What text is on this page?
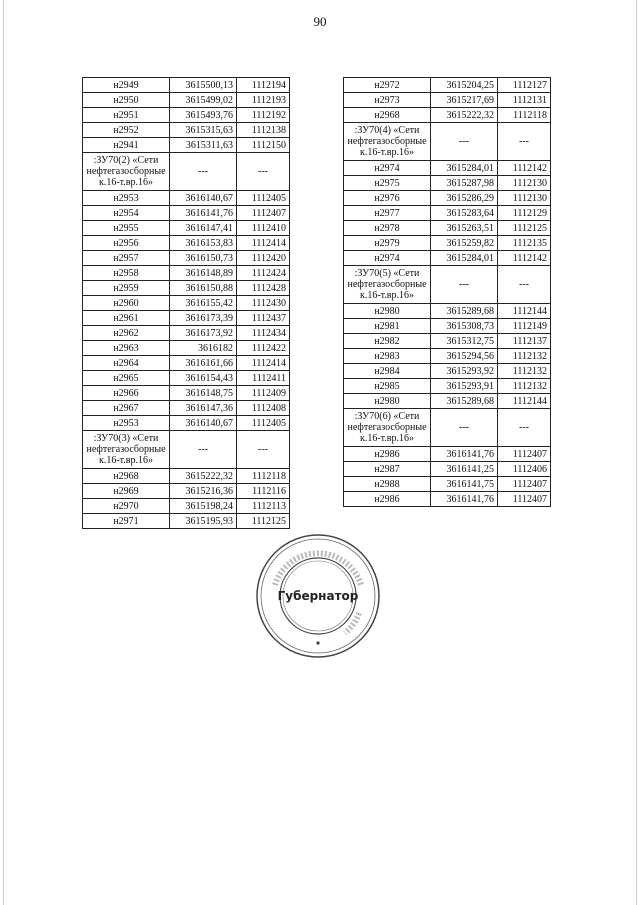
90
н2949	3615500,13	1112194
н2950	3615499,02	1112193
н2951	3615493,76	1112192
н2952	3615315,63	1112138
н2941	3615311,63	1112150
:ЗУ70(2) «Сети нефтегазосборные к.16-т.вр.16»	---	---
н2953	3616140,67	1112405
н2954	3616141,76	1112407
н2955	3616147,41	1112410
н2956	3616153,83	1112414
н2957	3616150,73	1112420
н2958	3616148,89	1112424
н2959	3616150,88	1112428
н2960	3616155,42	1112430
н2961	3616173,39	1112437
н2962	3616173,92	1112434
н2963	3616182	1112422
н2964	3616161,66	1112414
н2965	3616154,43	1112411
н2966	3616148,75	1112409
н2967	3616147,36	1112408
н2953	3616140,67	1112405
:ЗУ70(3) «Сети нефтегазосборные к.16-т.вр.16»	---	---
н2968	3615222,32	1112118
н2969	3615216,36	1112116
н2970	3615198,24	1112113
н2971	3615195,93	1112125
н2972	3615204,25	1112127
н2973	3615217,69	1112131
н2968	3615222,32	1112118
:ЗУ70(4) «Сети нефтегазосборные к.16-т.вр.16»	---	---
н2974	3615284,01	1112142
н2975	3615287,98	1112130
н2976	3615286,29	1112130
н2977	3615283,64	1112129
н2978	3615263,51	1112125
н2979	3615259,82	1112135
н2974	3615284,01	1112142
:ЗУ70(5) «Сети нефтегазосборные к.16-т.вр.16»	---	---
н2980	3615289,68	1112144
н2981	3615308,73	1112149
н2982	3615312,75	1112137
н2983	3615294,56	1112132
н2984	3615293,92	1112132
н2985	3615293,91	1112132
н2980	3615289,68	1112144
:ЗУ70(6) «Сети нефтегазосборные к.16-т.вр.16»	---	---
н2986	3616141,76	1112407
н2987	3616141,25	1112406
н2988	3616141,75	1112407
н2986	3616141,76	1112407
Губернатор
